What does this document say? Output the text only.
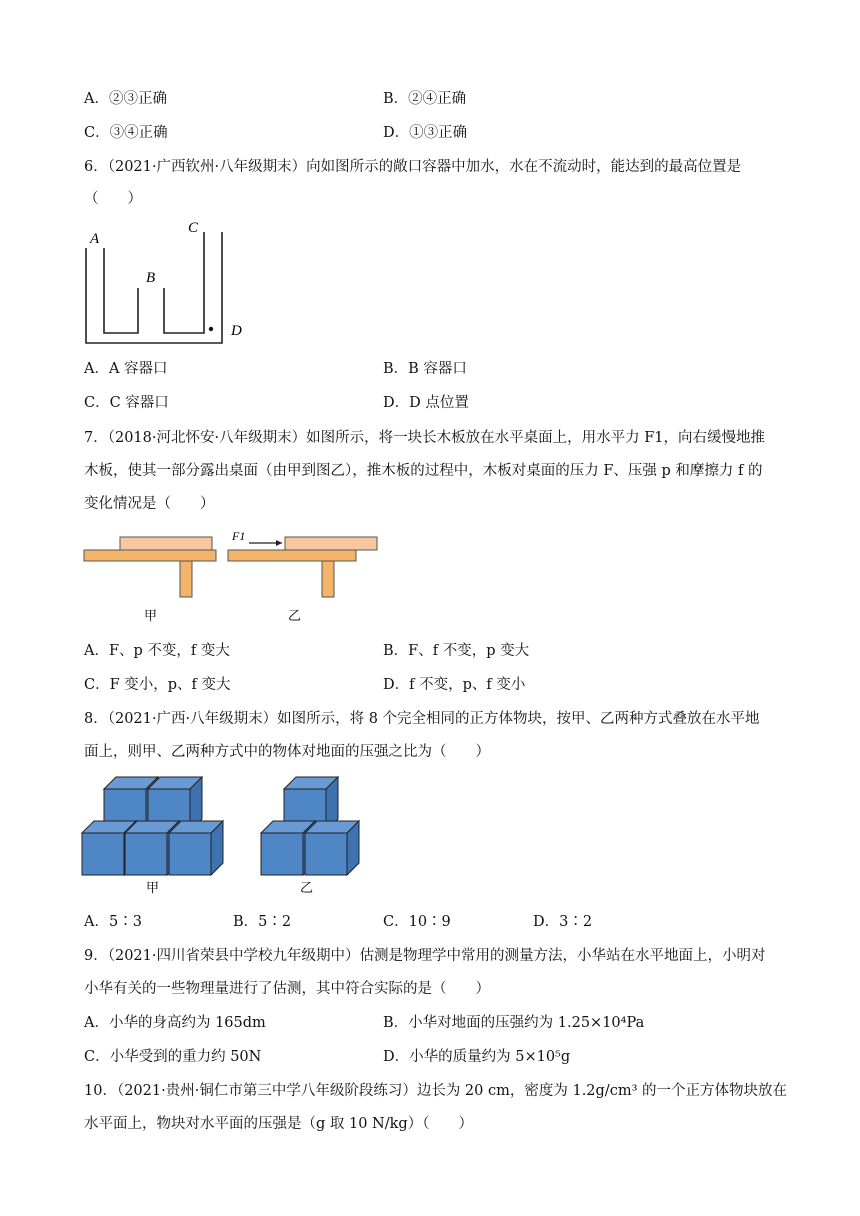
A．②③正确	B．②④正确
C．③④正确	D．①③正确
6．（2021·广西钦州·八年级期末）向如图所示的敞口容器中加水，水在不流动时，能达到的最高位置是
（　　）
A
B
C
D
A．A 容器口	B．B 容器口
C．C 容器口	D．D 点位置
7．（2018·河北怀安·八年级期末）如图所示，将一块长木板放在水平桌面上，用水平力 F1，向右缓慢地推
木板，使其一部分露出桌面（由甲到图乙），推木板的过程中，木板对桌面的压力 F、压强 p 和摩擦力 f 的
变化情况是（　　）
甲
F1
乙
A．F、p 不变，f 变大	B．F、f 不变，p 变大
C．F 变小，p、f 变大	D．f 不变，p、f 变小
8．（2021·广西·八年级期末）如图所示，将 8 个完全相同的正方体物块，按甲、乙两种方式叠放在水平地
面上，则甲、乙两种方式中的物体对地面的压强之比为（　　）
甲	乙
A．5∶3	B．5∶2	C．10∶9	D．3∶2
9．（2021·四川省荣县中学校九年级期中）估测是物理学中常用的测量方法，小华站在水平地面上，小明对
小华有关的一些物理量进行了估测，其中符合实际的是（　　）
A．小华的身高约为 165dm	B．小华对地面的压强约为 1.25×10⁴Pa
C．小华受到的重力约 50N	D．小华的质量约为 5×10⁵g
10．（2021·贵州·铜仁市第三中学八年级阶段练习）边长为 20 cm，密度为 1.2g/cm³ 的一个正方体物块放在
水平面上，物块对水平面的压强是（g 取 10 N/kg）（　　）
